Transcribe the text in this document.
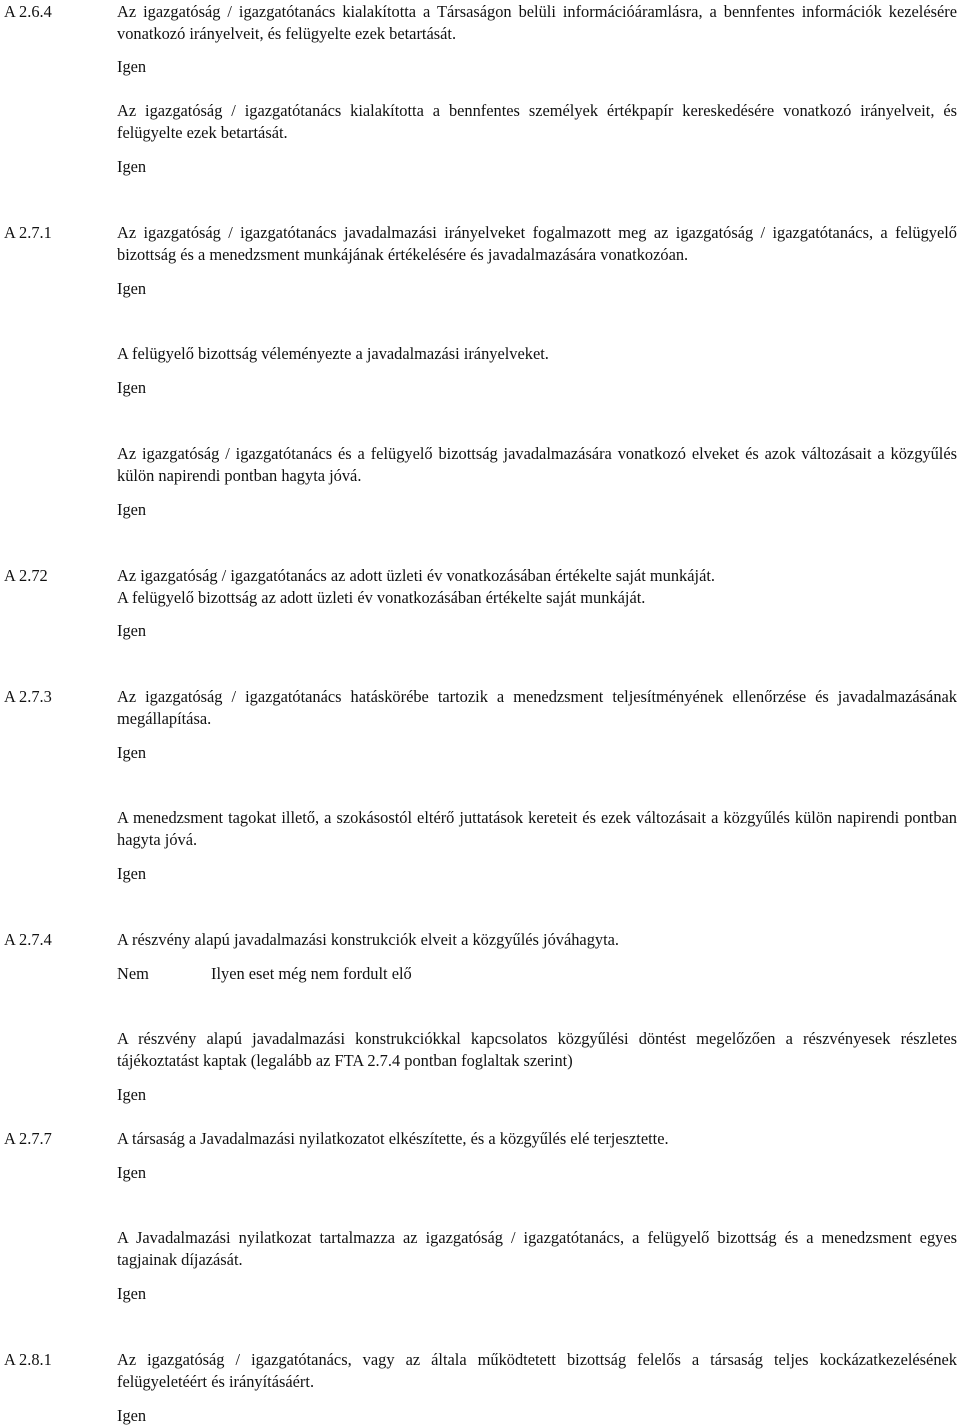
A 2.6.4	Az igazgatóság / igazgatótanács kialakította a Társaságon belüli információáramlásra, a bennfentes információk kezelésére vonatkozó irányelveit, és felügyelte ezek betartását.
Igen
Az igazgatóság / igazgatótanács kialakította a bennfentes személyek értékpapír kereskedésére vonatkozó irányelveit, és felügyelte ezek betartását.
Igen
A 2.7.1	Az igazgatóság / igazgatótanács javadalmazási irányelveket fogalmazott meg az igazgatóság / igazgatótanács, a felügyelő bizottság és a menedzsment munkájának értékelésére és javadalmazására vonatkozóan.
Igen
A felügyelő bizottság véleményezte a javadalmazási irányelveket.
Igen
Az igazgatóság / igazgatótanács és a felügyelő bizottság javadalmazására vonatkozó elveket és azok változásait a közgyűlés külön napirendi pontban hagyta jóvá.
Igen
A 2.72	Az igazgatóság / igazgatótanács az adott üzleti év vonatkozásában értékelte saját munkáját.
A felügyelő bizottság az adott üzleti év vonatkozásában értékelte saját munkáját.
Igen
A 2.7.3	Az igazgatóság / igazgatótanács hatáskörébe tartozik a menedzsment teljesítményének ellenőrzése és javadalmazásának megállapítása.
Igen
A menedzsment tagokat illető, a szokásostól eltérő juttatások kereteit és ezek változásait a közgyűlés külön napirendi pontban hagyta jóvá.
Igen
A 2.7.4	A részvény alapú javadalmazási konstrukciók elveit a közgyűlés jóváhagyta.
Nem	Ilyen eset még nem fordult elő
A részvény alapú javadalmazási konstrukciókkal kapcsolatos közgyűlési döntést megelőzően a részvényesek részletes tájékoztatást kaptak (legalább az FTA 2.7.4 pontban foglaltak szerint)
Igen
A 2.7.7	A társaság a Javadalmazási nyilatkozatot elkészítette, és a közgyűlés elé terjesztette.
Igen
A Javadalmazási nyilatkozat tartalmazza az igazgatóság / igazgatótanács, a felügyelő bizottság és a menedzsment egyes tagjainak díjazását.
Igen
A 2.8.1	Az igazgatóság / igazgatótanács, vagy az általa működtetett bizottság felelős a társaság teljes kockázatkezelésének felügyeletéért és irányításáért.
Igen
